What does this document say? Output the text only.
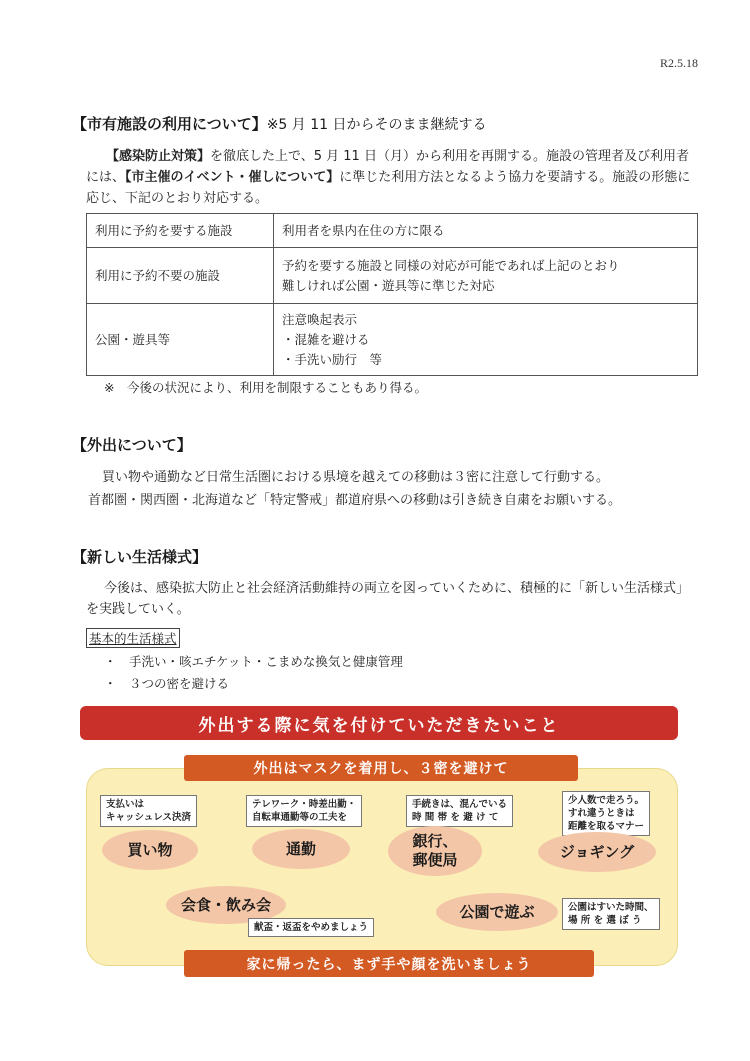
R2.5.18
【市有施設の利用について】※5 月 11 日からそのまま継続する
【感染防止対策】を徹底した上で、5 月 11 日（月）から利用を再開する。施設の管理者及び利用者には、【市主催のイベント・催しについて】に準じた利用方法となるよう協力を要請する。施設の形態に応じ、下記のとおり対応する。
利用に予約を要する施設	利用者を県内在住の方に限る

利用に予約不要の施設	予約を要する施設と同様の対応が可能であれば上記のとおり
難しければ公園・遊具等に準じた対応

公園・遊具等	注意喚起表示
・混雑を避ける
・手洗い励行　等
※　今後の状況により、利用を制限することもあり得る。
【外出について】
買い物や通勤など日常生活圏における県境を越えての移動は３密に注意して行動する。
首都圏・関西圏・北海道など「特定警戒」都道府県への移動は引き続き自粛をお願いする。
【新しい生活様式】
今後は、感染拡大防止と社会経済活動維持の両立を図っていくために、積極的に「新しい生活様式」を実践していく。
基本的生活様式
・　手洗い・咳エチケット・こまめな換気と健康管理
・　３つの密を避ける
外出する際に気を付けていただきたいこと
外出はマスクを着用し、３密を避けて
家に帰ったら、まず手や顔を洗いましょう
支払いは
キャッシュレス決済
買い物
テレワーク・時差出勤・
自転車通勤等の工夫を
通勤
手続きは、混んでいる
時 間 帯 を 避 け て
銀行、
郵便局
少人数で走ろう。
すれ違うときは
距離を取るマナー
ジョギング
会食・飲み会
献盃・返盃をやめましょう
公園で遊ぶ	公園はすいた時間、
場 所 を 選 ぼ う
